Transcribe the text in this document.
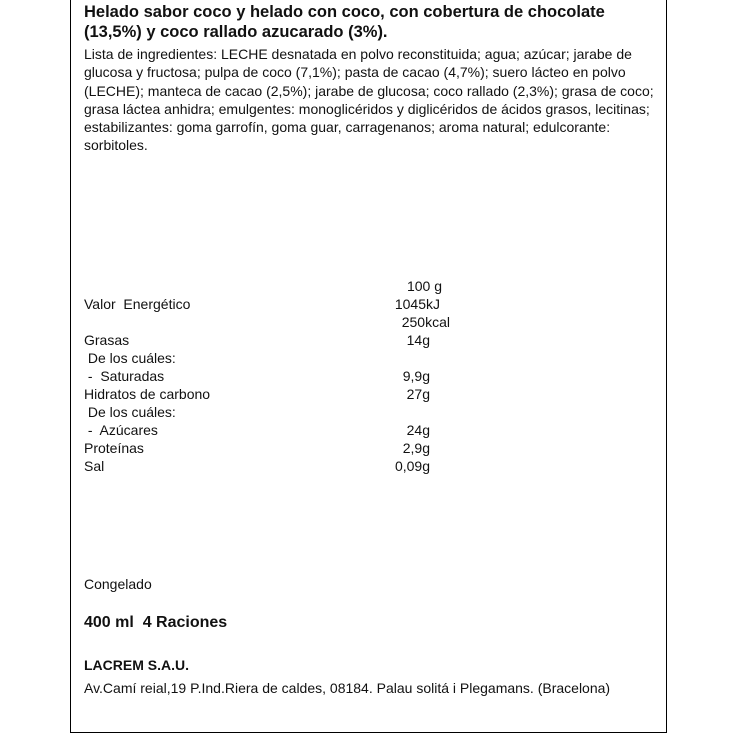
Helado sabor coco y helado con coco, con cobertura de chocolate (13,5%) y coco rallado azucarado (3%).

Lista de ingredientes: LECHE desnatada en polvo reconstituida; agua; azúcar; jarabe de glucosa y fructosa; pulpa de coco (7,1%); pasta de cacao (4,7%); suero lácteo en polvo (LECHE); manteca de cacao (2,5%); jarabe de glucosa; coco rallado (2,3%); grasa de coco; grasa láctea anhidra; emulgentes: monoglicéridos y diglicéridos de ácidos grasos, lecitinas; estabilizantes: goma garrofín, goma guar, carragenanos; aroma natural; edulcorante: sorbitoles.

100 g
Valor  Energético	1045kJ
250kcal
Grasas	14g
De los cuáles:
-  Saturadas	9,9g
Hidratos de carbono	27g
De los cuáles:
-  Azúcares	24g
Proteínas	2,9g
Sal	0,09g
Congelado
400 ml  4 Raciones
LACREM S.A.U.
Av.Camí reial,19 P.Ind.Riera de caldes, 08184. Palau solitá i Plegamans. (Bracelona)
